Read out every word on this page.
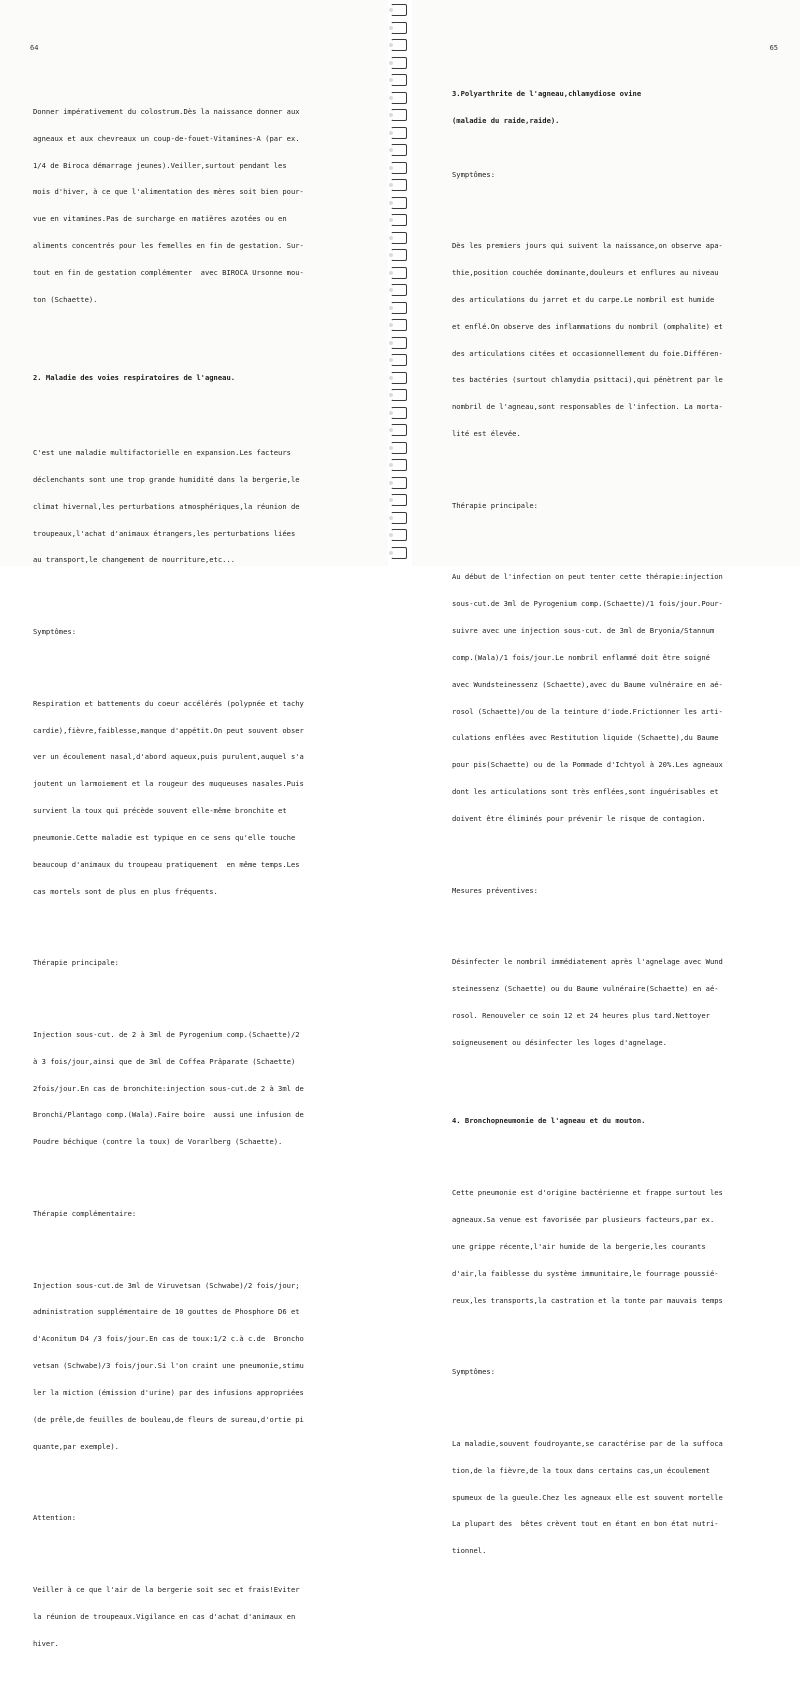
64

Donner impérativement du colostrum.Dès la naissance donner aux

agneaux et aux chevreaux un coup-de-fouet-Vitamines-A (par ex.

1/4 de Biroca démarrage jeunes).Veiller,surtout pendant les

mois d'hiver, à ce que l'alimentation des mères soit bien pour-

vue en vitamines.Pas de surcharge en matières azotées ou en

aliments concentrés pour les femelles en fin de gestation. Sur-

tout en fin de gestation complémenter  avec BIROCA Ursonne mou-

ton (Schaette).

2. Maladie des voies respiratoires de l'agneau.

C'est une maladie multifactorielle en expansion.Les facteurs

déclenchants sont une trop grande humidité dans la bergerie,le

climat hivernal,les perturbations atmosphériques,la réunion de

troupeaux,l'achat d'animaux étrangers,les perturbations liées

au transport,le changement de nourriture,etc...

Symptômes:

Respiration et battements du coeur accélérés (polypnée et tachy

cardie),fièvre,faiblesse,manque d'appétit.On peut souvent obser

ver un écoulement nasal,d'abord aqueux,puis purulent,auquel s'a

joutent un larmoiement et la rougeur des muqueuses nasales.Puis

survient la toux qui précède souvent elle-même bronchite et

pneumonie.Cette maladie est typique en ce sens qu'elle touche

beaucoup d'animaux du troupeau pratiquement  en même temps.Les

cas mortels sont de plus en plus fréquents.

Thérapie principale:

Injection sous-cut. de 2 à 3ml de Pyrogenium comp.(Schaette)/2

à 3 fois/jour,ainsi que de 3ml de Coffea Präparate (Schaette)

2fois/jour.En cas de bronchite:injection sous-cut.de 2 à 3ml de

Bronchi/Plantago comp.(Wala).Faire boire  aussi une infusion de

Poudre béchique (contre la toux) de Vorarlberg (Schaette).

Thérapie complémentaire:

Injection sous-cut.de 3ml de Viruvetsan (Schwabe)/2 fois/jour;

administration supplémentaire de 10 gouttes de Phosphore D6 et

d'Aconitum D4 /3 fois/jour.En cas de toux:1/2 c.à c.de  Broncho

vetsan (Schwabe)/3 fois/jour.Si l'on craint une pneumonie,stimu

ler la miction (émission d'urine) par des infusions appropriées

(de prêle,de feuilles de bouleau,de fleurs de sureau,d'ortie pi

quante,par exemple).

Attention:

Veiller à ce que l'air de la bergerie soit sec et frais!Eviter

la réunion de troupeaux.Vigilance en cas d'achat d'animaux en

hiver.

65

3.Polyarthrite de l'agneau,chlamydiose ovine

(maladie du raide,raide).

Symptômes:

Dès les premiers jours qui suivent la naissance,on observe apa-

thie,position couchée dominante,douleurs et enflures au niveau

des articulations du jarret et du carpe.Le nombril est humide

et enflé.On observe des inflammations du nombril (omphalite) et

des articulations citées et occasionnellement du foie.Différen-

tes bactéries (surtout chlamydia psittaci),qui pénètrent par le

nombril de l'agneau,sont responsables de l'infection. La morta-

lité est élevée.

Thérapie principale:

Au début de l'infection on peut tenter cette thérapie:injection

sous-cut.de 3ml de Pyrogenium comp.(Schaette)/1 fois/jour.Pour-

suivre avec une injection sous-cut. de 3ml de Bryonia/Stannum

comp.(Wala)/1 fois/jour.Le nombril enflammé doit être soigné

avec Wundsteinessenz (Schaette),avec du Baume vulnéraire en aé-

rosol (Schaette)/ou de la teinture d'iode.Frictionner les arti-

culations enflées avec Restitution liquide (Schaette),du Baume

pour pis(Schaette) ou de la Pommade d'Ichtyol à 20%.Les agneaux

dont les articulations sont très enflées,sont inguérisables et

doivent être éliminés pour prévenir le risque de contagion.

Mesures préventives:

Désinfecter le nombril immédiatement après l'agnelage avec Wund

steinessenz (Schaette) ou du Baume vulnéraire(Schaette) en aé-

rosol. Renouveler ce soin 12 et 24 heures plus tard.Nettoyer

soigneusement ou désinfecter les loges d'agnelage.

4. Bronchopneumonie de l'agneau et du mouton.

Cette pneumonie est d'origine bactérienne et frappe surtout les

agneaux.Sa venue est favorisée par plusieurs facteurs,par ex.

une grippe récente,l'air humide de la bergerie,les courants

d'air,la faiblesse du système immunitaire,le fourrage poussié-

reux,les transports,la castration et la tonte par mauvais temps

Symptômes:

La maladie,souvent foudroyante,se caractérise par de la suffoca

tion,de la fièvre,de la toux dans certains cas,un écoulement

spumeux de la gueule.Chez les agneaux elle est souvent mortelle

La plupart des  bêtes crèvent tout en étant en bon état nutri-

tionnel.
